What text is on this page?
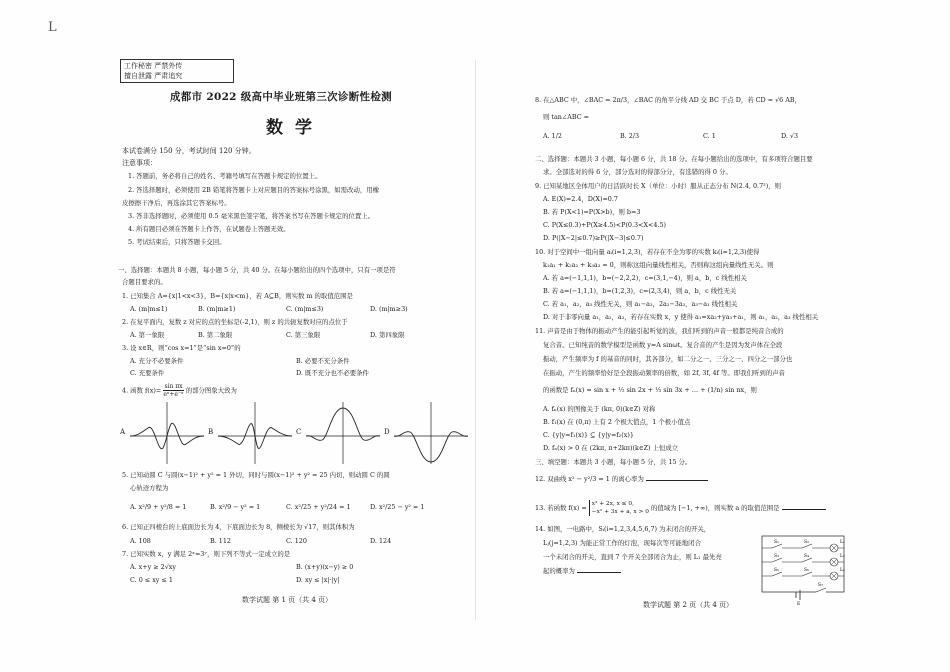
L
工作秘密 严禁外传
擅自泄露 严肃追究
成都市 2022 级高中毕业班第三次诊断性检测
数学
本试卷满分 150 分，考试时间 120 分钟。
注意事项：
1. 答题前，务必将自己的姓名、考籍号填写在答题卡规定的位置上。
2. 答选择题时，必须使用 2B 铅笔将答题卡上对应题目的答案标号涂黑，如需改动，用橡
皮擦擦干净后，再选涂其它答案标号。
3. 答非选择题时，必须使用 0.5 毫米黑色签字笔，将答案书写在答题卡规定的位置上。
4. 所有题目必须在答题卡上作答，在试题卷上答题无效。
5. 考试结束后，只将答题卡交回。
一、选择题：本题共 8 小题，每小题 5 分，共 40 分。在每小题给出的四个选项中，只有一项是符
合题目要求的。
1. 已知集合 A={x|1<x<3}，B={x|x<m}，若 A⊆B，则实数 m 的取值范围是
A. (m|m≤1)	B. (m|m≥1)	C. (m|m≤3)	D. (m|m≥3)
2. 在复平面内，复数 z 对应的点的坐标是(-2,1)，则 z 的共轭复数对应的点位于
A. 第一象限	B. 第二象限	C. 第三象限	D. 第四象限
3. 设 x∈R，则“cos x=1”是“sin x=0”的
A. 充分不必要条件	B. 必要不充分条件
C. 充要条件	D. 既不充分也不必要条件
4. 函数 $f(x)= \frac{\text{sin πx}}{\text{eˣ+e⁻ˣ}}$ 的部分图象大致为
A	B	C	D
5. 已知动圆 C 与圆(x−1)² + y² = 1 外切，同时与圆(x−1)² + y² = 25 内切，则动圆 C 的圆
心轨迹方程为
A. x²/9 + y²/8 = 1	B. x²/9 − y² = 1	C. x²/25 + y²/24 = 1	D. x²/25 − y² = 1
6. 已知正四棱台的上底面边长为 4，下底面边长为 8，侧棱长为 √17，则其体积为
A. 108	B. 112	C. 120	D. 124
7. 已知实数 x，y 满足 2ˣ=3ʸ，则下列不等式一定成立的是
A. x+y ≥ 2√xy	B. (x+y)(x−y) ≥ 0
C. 0 ≤ xy ≤ 1	D. xy ≤ |x|·|y|
数学试题 第 1 页（共 4 页）
8. 在△ABC 中，∠BAC = 2π/3，∠BAC 的角平分线 AD 交 BC 于点 D，若 CD = √6 AB，
则 tan∠ABC =
A. 1/2	B. 2/3	C. 1	D. √3
二、选择题：本题共 3 小题，每小题 6 分，共 18 分。在每小题给出的选项中，有多项符合题目要
求。全部选对的得 6 分，部分选对的得部分分，有选错的得 0 分。
9. 已知某地区全体用户的日活跃时长 X（单位：小时）服从正态分布 N(2.4, 0.7²)，则
A. E(X)=2.4，D(X)=0.7
B. 若 P(X<1)=P(X>b)，则 b=3
C. P(X≤0.3)+P(X≥4.5)<P(0.3<X<4.5)
D. P(|X−2|≤0.7)≥P(|X−3|≤0.7)
10. 对于空间中一组向量 aᵢ(i=1,2,3)，若存在不全为零的实数 kᵢ(i=1,2,3)使得
k₁a₁ + k₂a₂ + k₃a₃ = 0，则称这组向量线性相关，否则称这组向量线性无关。则
A. 若 a=(−1,1,1)，b=(−2,2,2)，c=(3,1,−4)，则 a，b，c 线性相关
B. 若 a=(−1,1,1)，b=(1,2,3)，c=(2,3,4)，则 a，b，c 线性无关
C. 若 a₁，a₂，a₃ 线性无关，则 a₁−a₂，2a₂−3a₃，a₃−a₁ 线性相关
D. 对于非零向量 a₁，a₂，a₃，若存在实数 x，y 使得 a₁=xa₂+ya₃+a₁，则 a₁，a₂，a₃ 线性相关
11. 声音是由于物体的振动产生的能引起听觉的波，我们听到的声音一般都是纯音合成的
复合音。已知纯音的数学模型是函数 y=A sinωt。复合音的产生是因为发声体在全段
振动，产生频率为 f 的基音的同时，其各部分，如二分之一、三分之一、四分之一部分也
在振动，产生的频率恰好是全段振动频率的倍数，如 2f, 3f, 4f 等。即我们听到的声音
的函数是 fₙ(x) = sin x + ½ sin 2x + ⅓ sin 3x + … + (1/n) sin nx，则
A. fₙ(x) 的图像关于 (kπ, 0)(k∈Z) 对称
B. f₁(x) 在 (0,π) 上有 2 个极大值点，1 个极小值点
C. {y|y=f₁(x)} ⊆ {y|y=f₂(x)}
D. fₙ(x) > 0 在 (2kπ, π+2kπ)(k∈Z) 上恒成立
三、填空题：本题共 3 小题，每小题 5 分，共 15 分。
12. 双曲线 x² − y²/3 = 1 的离心率为
13. 若函数 f(x) = x² + 2x, x ≤ 0,
−x² + 3x + a, x > 0 的值域为 [−1, +∞)，则实数 a 的取值范围是
14. 如图，一电路中，Sᵢ(i=1,2,3,4,5,6,7) 为未闭合的开关，
Lⱼ(j=1,2,3) 为能正常工作的灯泡，现每次等可能地闭合
一个未闭合的开关，直到 7 个开关全部闭合为止，则 L₁ 最先亮
起的概率为
数学试题 第 2 页（共 4 页）
S₁	S₂
S₃	S₄
S₅	S₆
S₇
L₁
L₂
L₃
E
